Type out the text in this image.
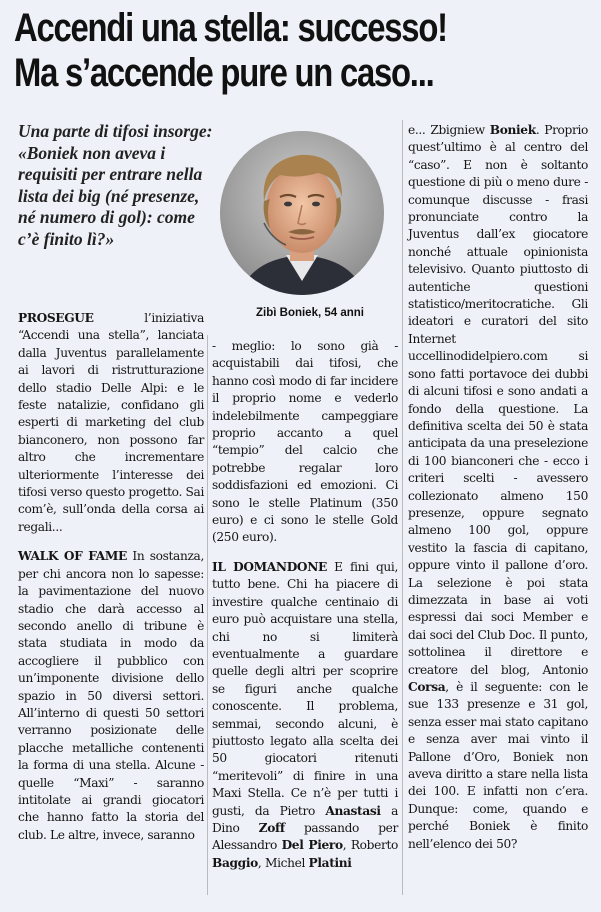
Accendi una stella: successo!
Ma s’accende pure un caso...
Una parte di tifosi insorge: «Boniek non aveva i requisiti per entrare nella lista dei big (né presenze, né numero di gol): come c’è finito lì?»
Zibì Boniek, 54 anni

PROSEGUE l’iniziativa “Accendi una stella”, lanciata dalla Juventus parallelamente ai lavori di ristrutturazione dello stadio Delle Alpi: e le feste natalizie, confidano gli esperti di marketing del club bianconero, non possono far altro che incrementare ulteriormente l’interesse dei tifosi verso questo progetto. Sai com’è, sull’onda della corsa ai regali...

WALK OF FAME In sostanza, per chi ancora non lo sapesse: la pavimentazione del nuovo stadio che darà accesso al secondo anello di tribune è stata studiata in modo da accogliere il pubblico con un’imponente divisione dello spazio in 50 diversi settori. All’interno di questi 50 settori verranno posizionate delle placche metalliche contenenti la forma di una stella. Alcune - quelle “Maxi” - saranno intitolate ai grandi giocatori che hanno fatto la storia del club. Le altre, invece, saranno

- meglio: lo sono già - acquistabili dai tifosi, che hanno così modo di far incidere il proprio nome e vederlo indelebilmente campeggiare proprio accanto a quel “tempio” del calcio che potrebbe regalar loro soddisfazioni ed emozioni. Ci sono le stelle Platinum (350 euro) e ci sono le stelle Gold (250 euro).

IL DOMANDONE E fini qui, tutto bene. Chi ha piacere di investire qualche centinaio di euro può acquistare una stella, chi no si limiterà eventualmente a guardare quelle degli altri per scoprire se figuri anche qualche conoscente. Il problema, semmai, secondo alcuni, è piuttosto legato alla scelta dei 50 giocatori ritenuti “meritevoli” di finire in una Maxi Stella. Ce n’è per tutti i gusti, da Pietro Anastasi a Dino Zoff passando per Alessandro Del Piero, Roberto Baggio, Michel Platini

e... Zbigniew Boniek. Proprio quest’ultimo è al centro del “caso”. E non è soltanto questione di più o meno dure - comunque discusse - frasi pronunciate contro la Juventus dall’ex giocatore nonché attuale opinionista televisivo. Quanto piuttosto di autentiche questioni statistico/meritocratiche. Gli ideatori e curatori del sito Internet uccellinodidelpiero.com si sono fatti portavoce dei dubbi di alcuni tifosi e sono andati a fondo della questione. La definitiva scelta dei 50 è stata anticipata da una preselezione di 100 bianconeri che - ecco i criteri scelti - avessero collezionato almeno 150 presenze, oppure segnato almeno 100 gol, oppure vestito la fascia di capitano, oppure vinto il pallone d’oro. La selezione è poi stata dimezzata in base ai voti espressi dai soci Member e dai soci del Club Doc. Il punto, sottolinea il direttore e creatore del blog, Antonio Corsa, è il seguente: con le sue 133 presenze e 31 gol, senza esser mai stato capitano e senza aver mai vinto il Pallone d’Oro, Boniek non aveva diritto a stare nella lista dei 100. E infatti non c’era. Dunque: come, quando e perché Boniek è finito nell’elenco dei 50?
